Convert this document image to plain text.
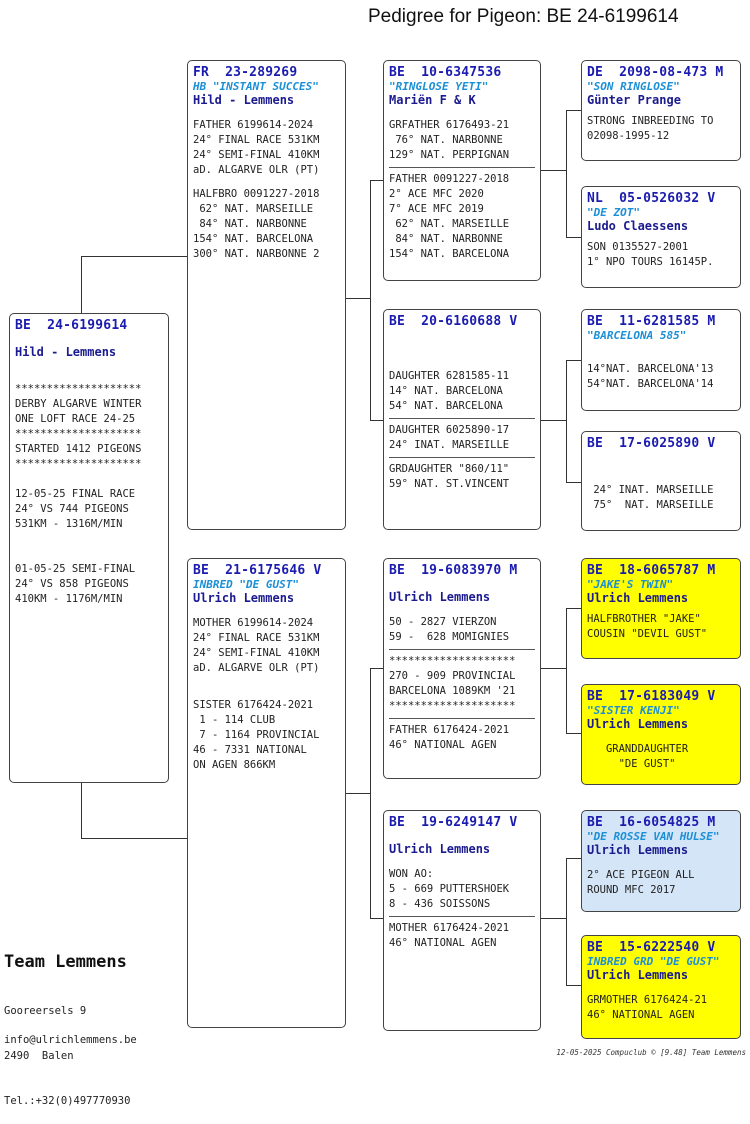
Pedigree for Pigeon: BE 24-6199614
BE  24-6199614
Hild - Lemmens
********************
DERBY ALGARVE WINTER
ONE LOFT RACE 24-25
********************
STARTED 1412 PIGEONS
********************

12-05-25 FINAL RACE
24° VS 744 PIGEONS
531KM - 1316M/MIN

01-05-25 SEMI-FINAL
24° VS 858 PIGEONS
410KM - 1176M/MIN
FR  23-289269
HB "INSTANT SUCCES"
Hild - Lemmens
FATHER 6199614-2024
24° FINAL RACE 531KM
24° SEMI-FINAL 410KM
aD. ALGARVE OLR (PT)
HALFBRO 0091227-2018
62° NAT. MARSEILLE
84° NAT. NARBONNE
154° NAT. BARCELONA
300° NAT. NARBONNE 2
BE  21-6175646 V
INBRED "DE GUST"
Ulrich Lemmens
MOTHER 6199614-2024
24° FINAL RACE 531KM
24° SEMI-FINAL 410KM
aD. ALGARVE OLR (PT)
SISTER 6176424-2021
1 - 114 CLUB
7 - 1164 PROVINCIAL
46 - 7331 NATIONAL
ON AGEN 866KM
BE  10-6347536
"RINGLOSE YETI"
Mariën F & K
GRFATHER 6176493-21
76° NAT. NARBONNE
129° NAT. PERPIGNAN
FATHER 0091227-2018
2° ACE MFC 2020
7° ACE MFC 2019
62° NAT. MARSEILLE
84° NAT. NARBONNE
154° NAT. BARCELONA
BE  20-6160688 V
DAUGHTER 6281585-11
14° NAT. BARCELONA
54° NAT. BARCELONA
DAUGHTER 6025890-17
24° INAT. MARSEILLE
GRDAUGHTER "860/11"
59° NAT. ST.VINCENT
BE  19-6083970 M
Ulrich Lemmens
50 - 2827 VIERZON
59 -  628 MOMIGNIES
********************
270 - 909 PROVINCIAL
BARCELONA 1089KM '21
********************
FATHER 6176424-2021
46° NATIONAL AGEN
BE  19-6249147 V
Ulrich Lemmens
WON AO:
5 - 669 PUTTERSHOEK
8 - 436 SOISSONS
MOTHER 6176424-2021
46° NATIONAL AGEN
DE  2098-08-473 M
"SON RINGLOSE"
Günter Prange
STRONG INBREEDING TO
02098-1995-12
NL  05-0526032 V
"DE ZOT"
Ludo Claessens
SON 0135527-2001
1° NPO TOURS 16145P.
BE  11-6281585 M
"BARCELONA 585"
14°NAT. BARCELONA'13
54°NAT. BARCELONA'14
BE  17-6025890 V
24° INAT. MARSEILLE
75°  NAT. MARSEILLE
BE  18-6065787 M
"JAKE'S TWIN"
Ulrich Lemmens
HALFBROTHER "JAKE"
COUSIN "DEVIL GUST"
BE  17-6183049 V
"SISTER KENJI"
Ulrich Lemmens
GRANDDAUGHTER
"DE GUST"
BE  16-6054825 M
"DE ROSSE VAN HULSE"
Ulrich Lemmens
2° ACE PIGEON ALL
ROUND MFC 2017
BE  15-6222540 V
INBRED GRD "DE GUST"
Ulrich Lemmens
GRMOTHER 6176424-21
46° NATIONAL AGEN
Team Lemmens

Gooreersels 9

2490  Balen

Tel.:+32(0)497770930

info@ulrichlemmens.be
12-05-2025 Compuclub © [9.48] Team Lemmens
